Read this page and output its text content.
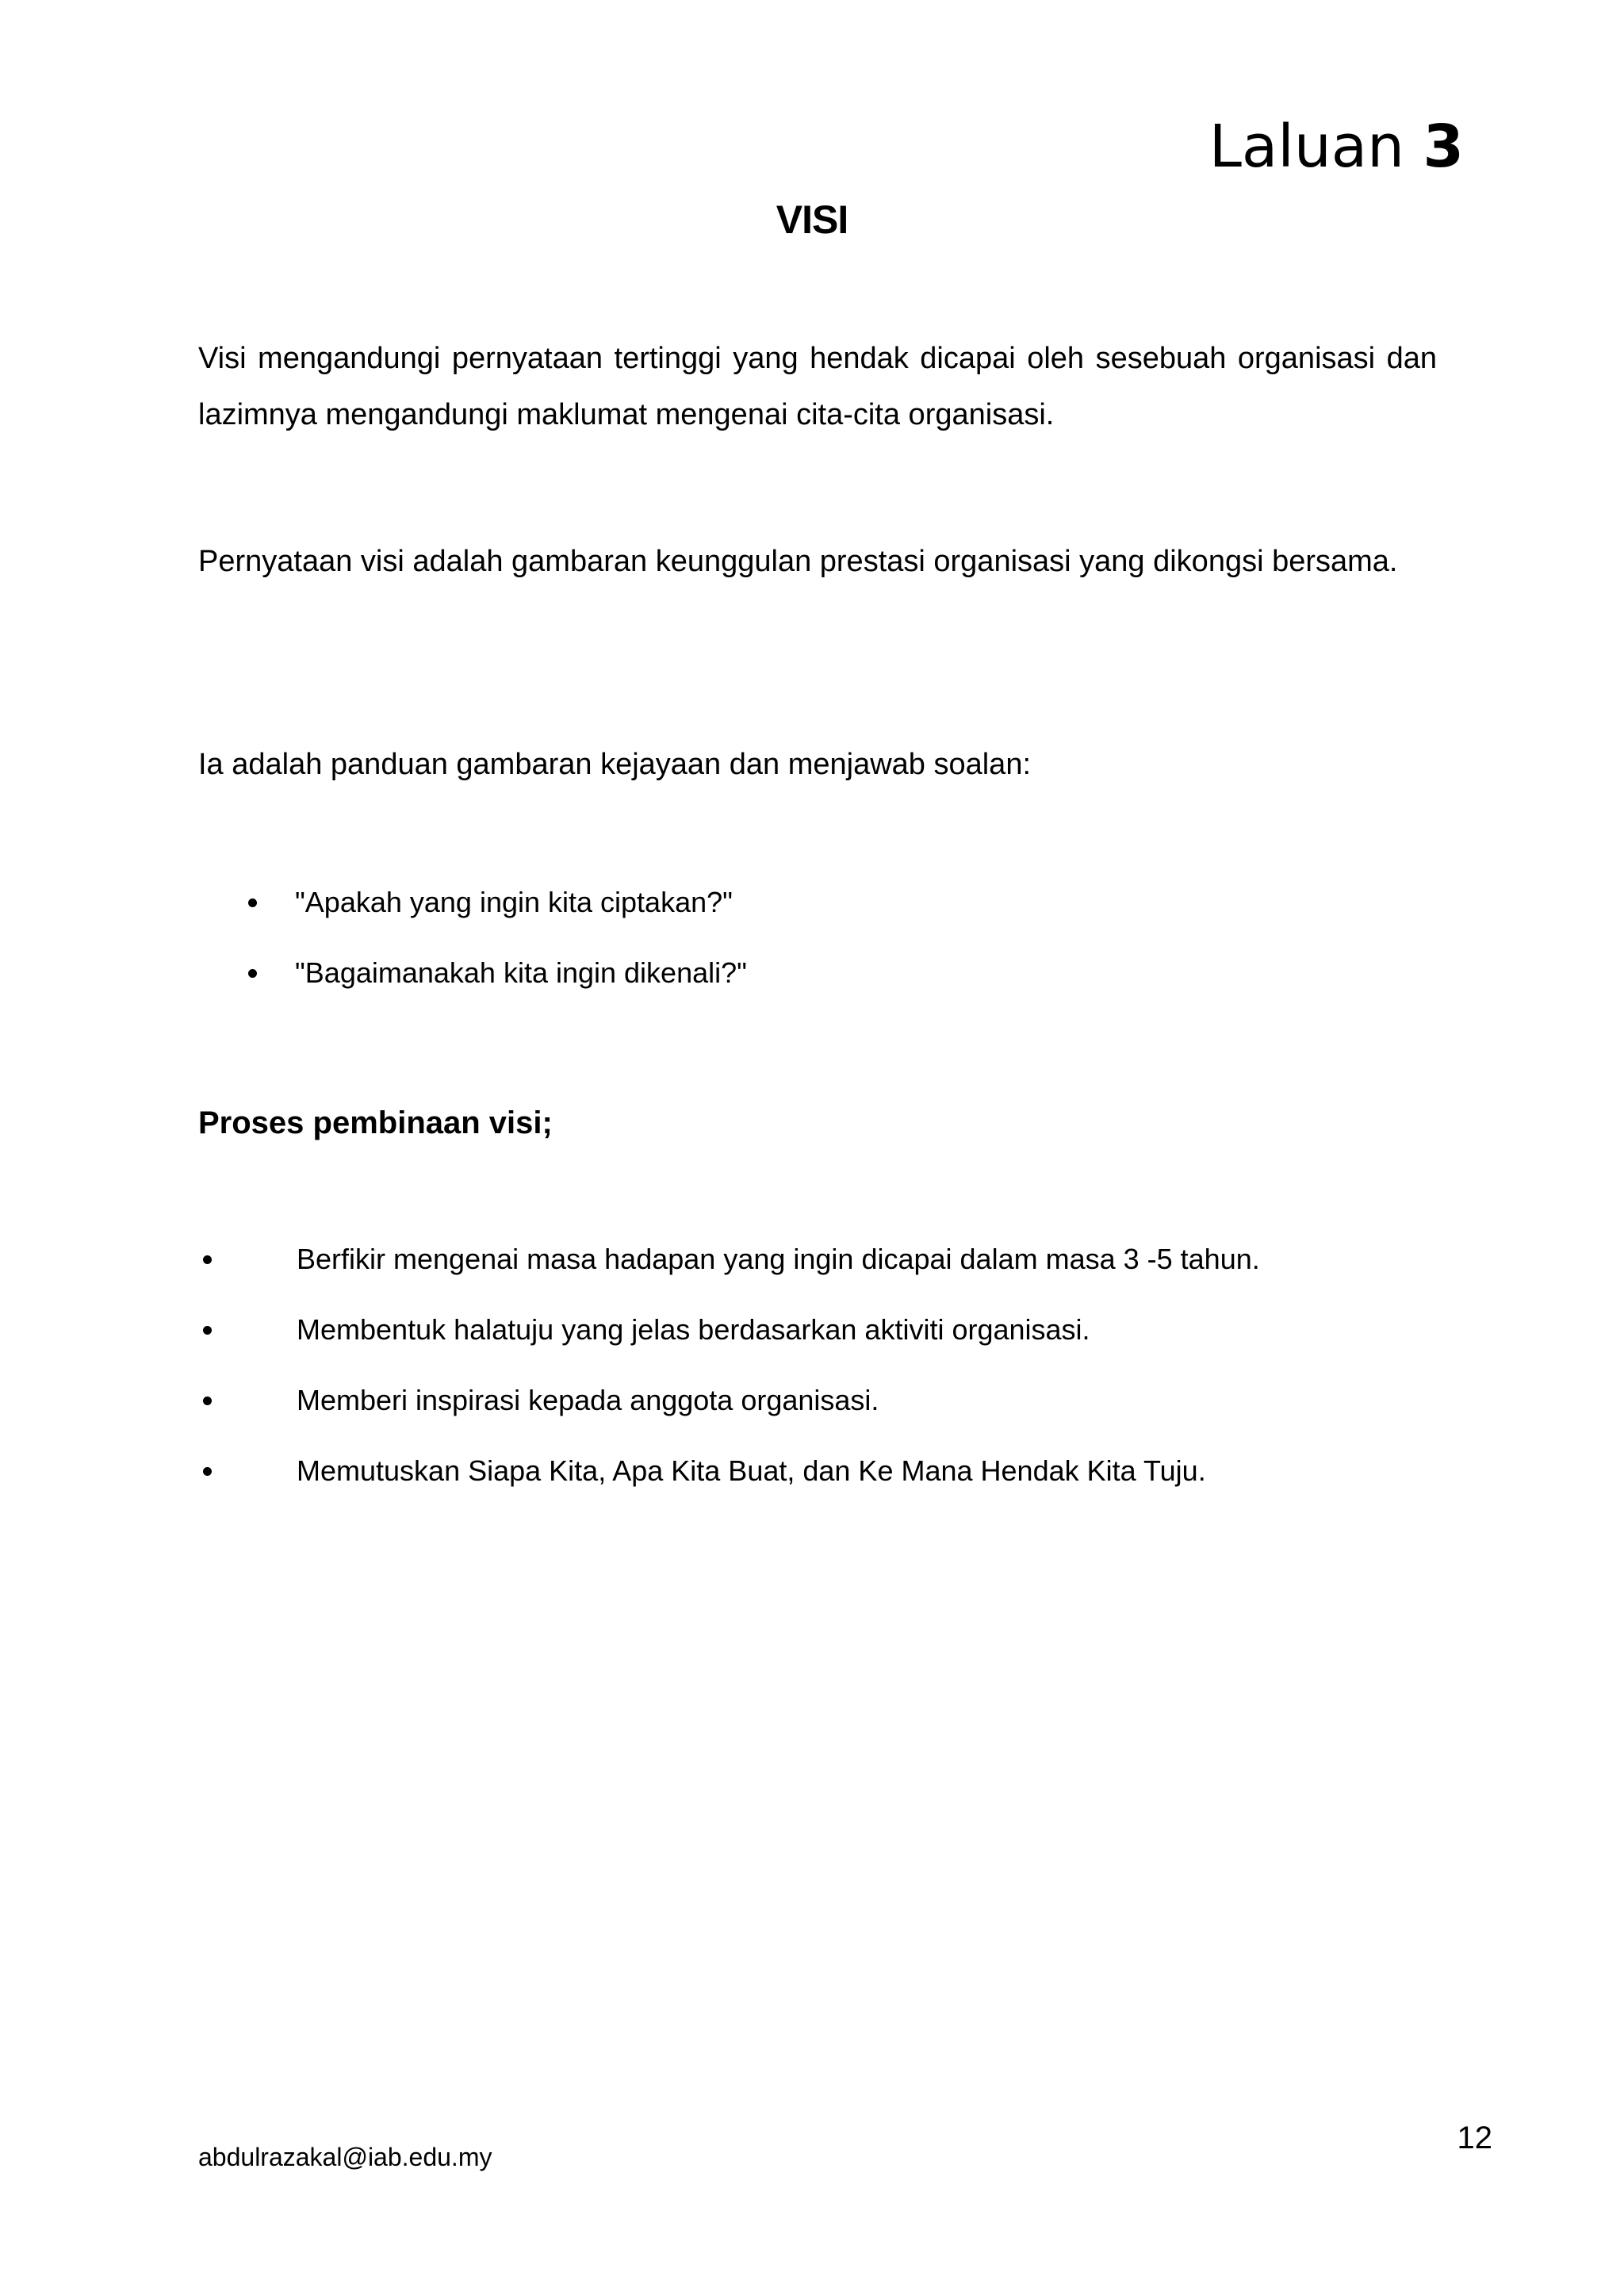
Laluan 3
VISI

Visi mengandungi pernyataan tertinggi yang hendak dicapai oleh sesebuah organisasi dan lazimnya mengandungi maklumat mengenai cita-cita organisasi.

Pernyataan visi adalah gambaran keunggulan prestasi organisasi yang dikongsi bersama.

Ia adalah panduan gambaran kejayaan dan menjawab soalan:

"Apakah yang ingin kita ciptakan?"
"Bagaimanakah kita ingin dikenali?"
Proses pembinaan visi;
Berfikir mengenai masa hadapan yang ingin dicapai dalam masa 3 -5 tahun.
Membentuk halatuju yang jelas berdasarkan aktiviti organisasi.
Memberi inspirasi kepada anggota organisasi.
Memutuskan Siapa Kita, Apa Kita Buat, dan Ke Mana Hendak Kita Tuju.
abdulrazakal@iab.edu.my
12
